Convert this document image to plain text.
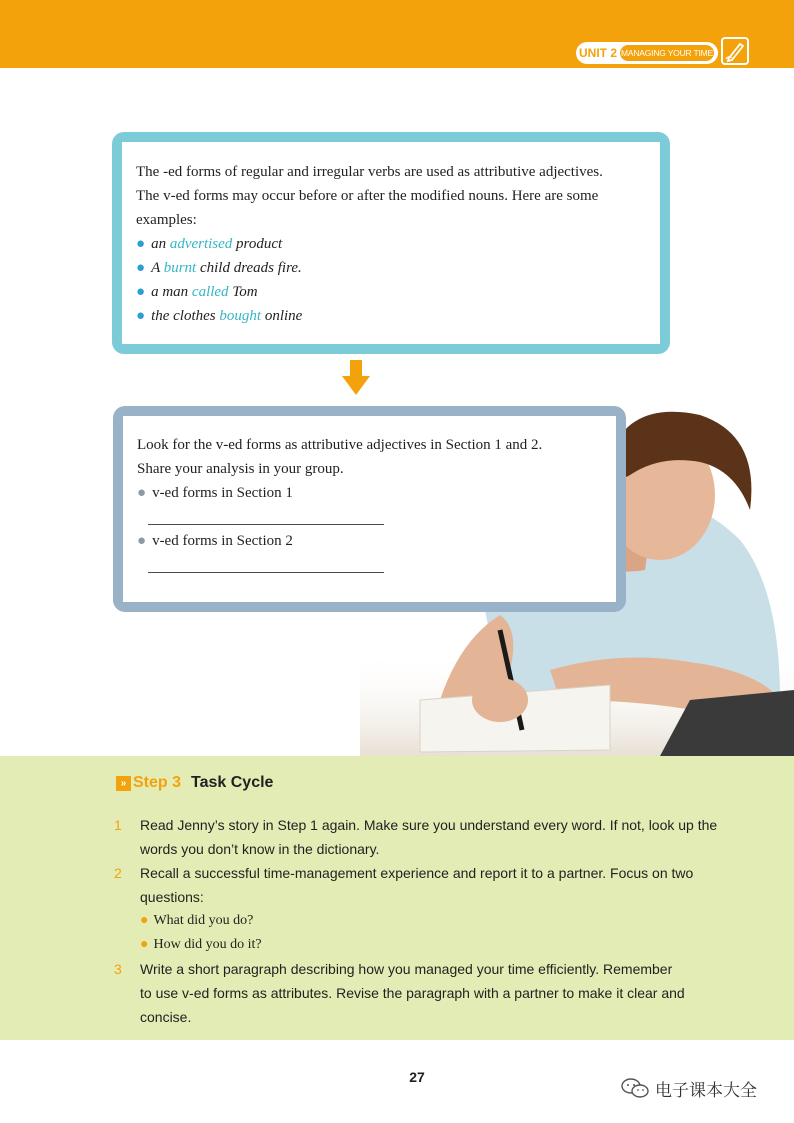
UNIT 2 MANAGING YOUR TIME
The -ed forms of regular and irregular verbs are used as attributive adjectives.
The v-ed forms may occur before or after the modified nouns. Here are some
examples:
● an advertised product
● A burnt child dreads fire.
● a man called Tom
● the clothes bought online
Look for the v-ed forms as attributive adjectives in Section 1 and 2.
Share your analysis in your group.
● v-ed forms in Section 1
● v-ed forms in Section 2
» Step 3 Task Cycle
1 Read Jenny’s story in Step 1 again. Make sure you understand every word. If not, look up the
words you don’t know in the dictionary.
2 Recall a successful time-management experience and report it to a partner. Focus on two
questions:
● What did you do?
● How did you do it?
3 Write a short paragraph describing how you managed your time efficiently. Remember
to use v-ed forms as attributes. Revise the paragraph with a partner to make it clear and
concise.
27
电子课本大全
